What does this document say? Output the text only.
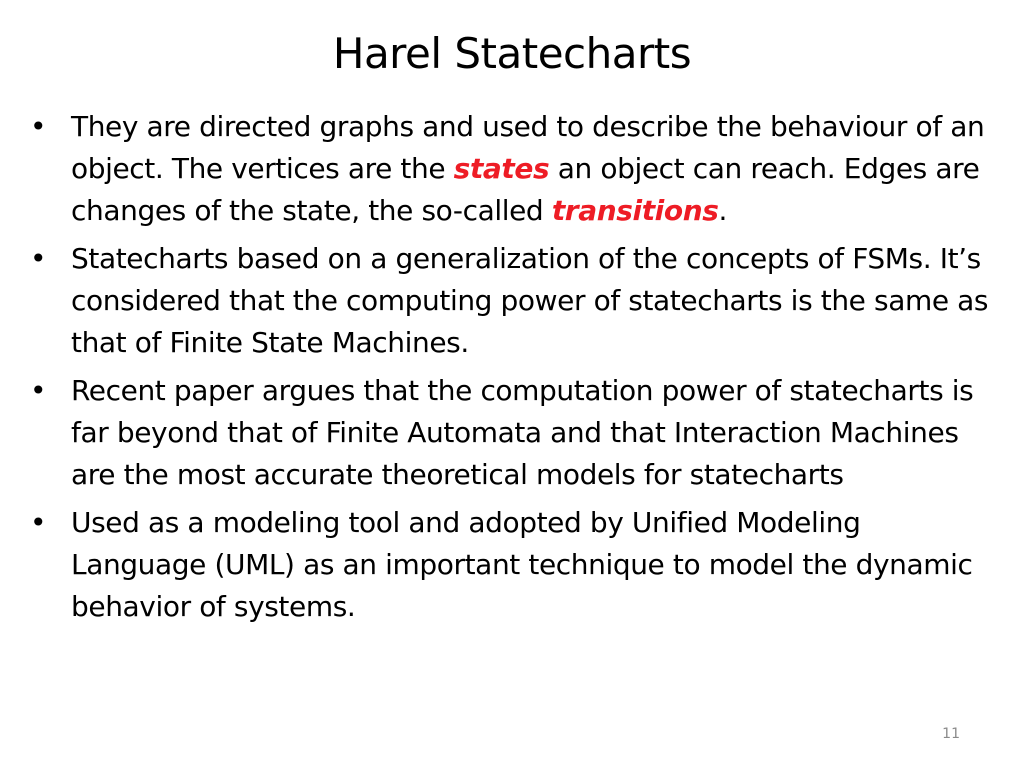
Harel Statecharts
• They are directed graphs and used to describe the behaviour of an object. The vertices are the states an object can reach. Edges are changes of the state, the so-called transitions.
• Statecharts based on a generalization of the concepts of FSMs. It’s considered that the computing power of statecharts is the same as that of Finite State Machines.
• Recent paper argues that the computation power of statecharts is far beyond that of Finite Automata and that Interaction Machines are the most accurate theoretical models for statecharts
• Used as a modeling tool and adopted by Unified Modeling Language (UML) as an important technique to model the dynamic behavior of systems.
11
